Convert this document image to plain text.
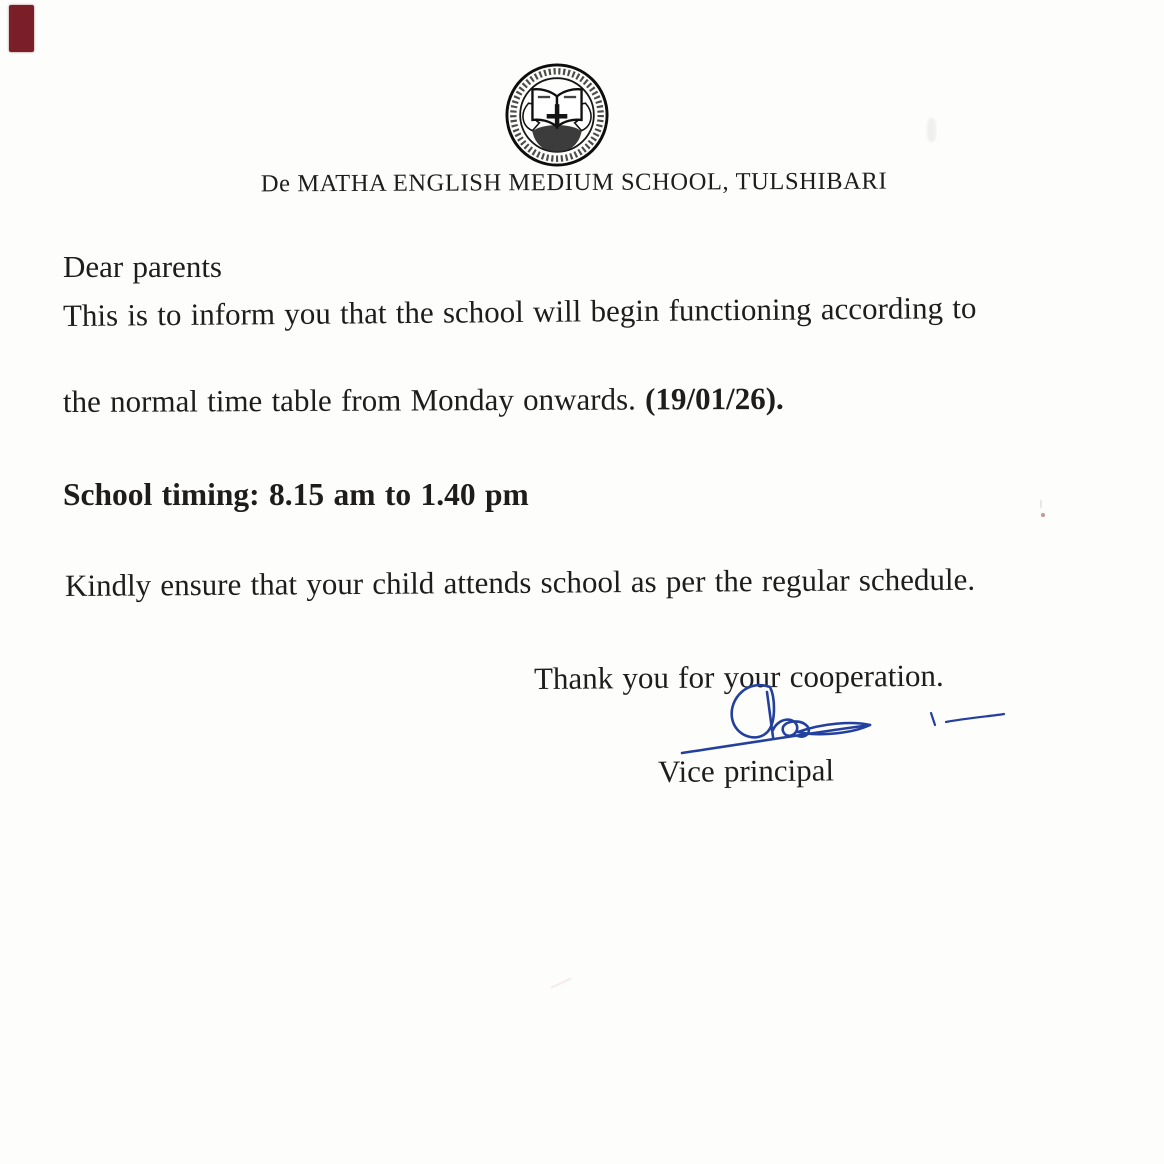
De MATHA ENGLISH MEDIUM SCHOOL, TULSHIBARI
Dear parents
This is to inform you that the school will begin functioning according to
the normal time table from Monday onwards. (19/01/26).
School timing: 8.15 am to 1.40 pm
Kindly ensure that your child attends school as per the regular schedule.
Thank you for your cooperation.
Vice principal
